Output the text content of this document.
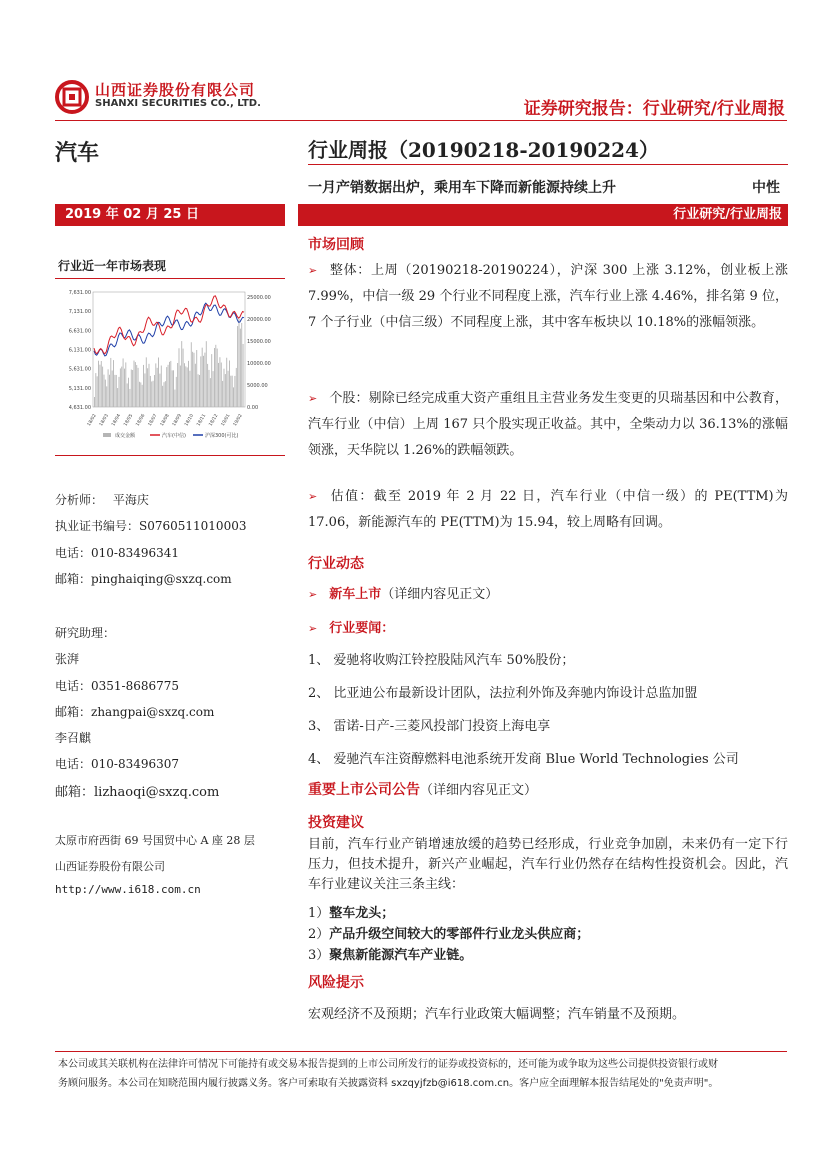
山西证券股份有限公司
SHANXI SECURITIES CO., LTD.	证券研究报告：行业研究/行业周报
汽车	行业周报（20190218-20190224）
一月产销数据出炉，乘用车下降而新能源持续上升	中性
2019 年 02 月 25 日	行业研究/行业周报
行业近一年市场表现
7,631.00
7,131.00
6,631.00
6,131.00
5,631.00
5,131.00
4,631.00
25000.00
20000.00
15000.00
10000.00
5000.00
0.00
18/02 18/03 18/04 18/05 18/06 18/07 18/08 18/09 18/10 18/11 18/12 19/01 19/02
成交金额	汽车(中信)	沪深300(可比)
分析师： 平海庆
执业证书编号：S0760511010003
电话：010-83496341
邮箱：pinghaiqing@sxzq.com
研究助理：
张湃
电话：0351-8686775
邮箱：zhangpai@sxzq.com
李召麒
电话：010-83496307
邮箱：lizhaoqi@sxzq.com
太原市府西街 69 号国贸中心 A 座 28 层
山西证券股份有限公司
http://www.i618.com.cn
市场回顾
➢ 整体：上周（20190218-20190224），沪深 300 上涨 3.12%，创业板上涨 7.99%，中信一级 29 个行业不同程度上涨，汽车行业上涨 4.46%，排名第 9 位，7 个子行业（中信三级）不同程度上涨，其中客车板块以 10.18%的涨幅领涨。
➢ 个股：剔除已经完成重大资产重组且主营业务发生变更的贝瑞基因和中公教育，汽车行业（中信）上周 167 只个股实现正收益。其中，全柴动力以 36.13%的涨幅领涨，天华院以 1.26%的跌幅领跌。
➢ 估值：截至 2019 年 2 月 22 日，汽车行业（中信一级）的 PE(TTM)为 17.06，新能源汽车的 PE(TTM)为 15.94，较上周略有回调。
行业动态
➢ 新车上市（详细内容见正文）
➢ 行业要闻：
1、 爱驰将收购江铃控股陆风汽车 50%股份；
2、 比亚迪公布最新设计团队，法拉利外饰及奔驰内饰设计总监加盟
3、 雷诺-日产-三菱风投部门投资上海电享
4、 爱驰汽车注资醇燃料电池系统开发商 Blue World Technologies 公司
重要上市公司公告（详细内容见正文）
投资建议
目前，汽车行业产销增速放缓的趋势已经形成，行业竞争加剧，未来仍有一定下行压力，但技术提升，新兴产业崛起，汽车行业仍然存在结构性投资机会。因此，汽车行业建议关注三条主线：
1）整车龙头；
2）产品升级空间较大的零部件行业龙头供应商；
3）聚焦新能源汽车产业链。
风险提示
宏观经济不及预期；汽车行业政策大幅调整；汽车销量不及预期。
本公司或其关联机构在法律许可情况下可能持有或交易本报告提到的上市公司所发行的证券或投资标的，还可能为或争取为这些公司提供投资银行或财
务顾问服务。本公司在知晓范围内履行披露义务。客户可索取有关披露资料 sxzqyjfzb@i618.com.cn。客户应全面理解本报告结尾处的"免责声明"。
